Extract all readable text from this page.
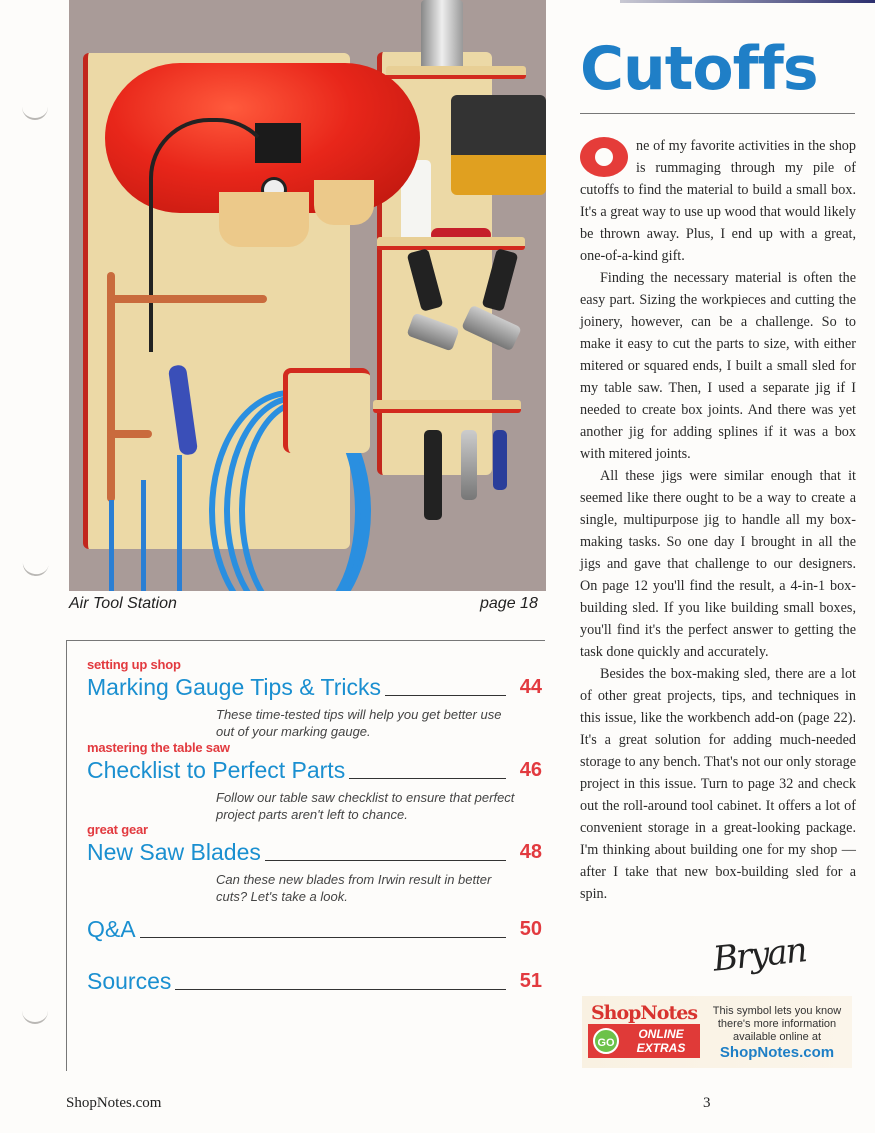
Air Tool Station	page 18
setting up shop
Marking Gauge Tips & Tricks	44
These time-tested tips will help you get better use out of your marking gauge.
mastering the table saw
Checklist to Perfect Parts	46
Follow our table saw checklist to ensure that perfect project parts aren't left to chance.
great gear
New Saw Blades	48
Can these new blades from Irwin result in better cuts? Let's take a look.
Q&A	50
Sources	51
Cutoffs

ne of my favorite activities in the shop is rummaging through my pile of cutoffs to find the material to build a small box. It's a great way to use up wood that would likely be thrown away. Plus, I end up with a great, one-of-a-kind gift.

Finding the necessary material is often the easy part. Sizing the workpieces and cutting the joinery, however, can be a challenge. So to make it easy to cut the parts to size, with either mitered or squared ends, I built a small sled for my table saw. Then, I used a separate jig if I needed to create box joints. And there was yet another jig for adding splines if it was a box with mitered joints.

All these jigs were similar enough that it seemed like there ought to be a way to create a single, multipurpose jig to handle all my box-making tasks. So one day I brought in all the jigs and gave that challenge to our designers. On page 12 you'll find the result, a 4-in-1 box-building sled. If you like building small boxes, you'll find it's the perfect answer to getting the task done quickly and accurately.

Besides the box-making sled, there are a lot of other great projects, tips, and techniques in this issue, like the workbench add-on (page 22). It's a great solution for adding much-needed storage to any bench. That's not our only storage project in this issue. Turn to page 32 and check out the roll-around tool cabinet. It offers a lot of convenient storage in a great-looking package. I'm thinking about building one for my shop — after I take that new box-building sled for a spin.

Bryan
ShopNotes
GO
ONLINE
EXTRAS
This symbol lets you know there's more information available online at
ShopNotes.com
ShopNotes.com	3
